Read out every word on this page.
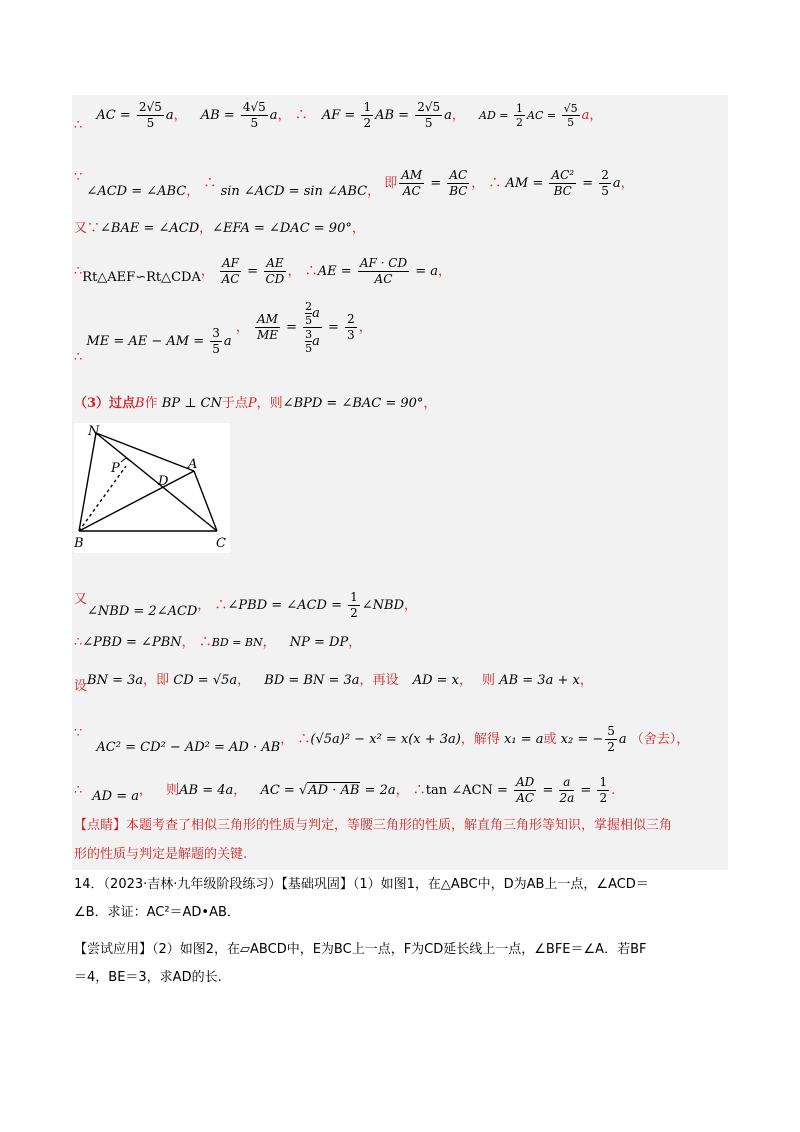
∴ AC = $\frac{2√5}{5}$ a， AB = $\frac{4√5}{5}$ a， ∴ AF = $\frac{1}{2}$ AB = $\frac{2√5}{5}$ a， AD = $\frac{1}{2}$ AC = $\frac{√5}{5}$ a，
∵ ∠ACD = ∠ABC， ∴ sin ∠ACD = sin ∠ABC， 即 $\frac{AM}{AC} = \frac{AC}{BC}$ ， ∴ AM = $\frac{\text{AC²}}{BC} = \frac{2}{5}$ a，
又∵∠BAE = ∠ACD，∠EFA = ∠DAC = 90°，
∴Rt△AEF∽Rt△CDA， $\frac{AF}{AC} = \frac{AE}{CD}$ ， ∴AE = $\frac{AF \cdot CD}{AC} = a$，
∴ ME = AE − AM = $\frac{3}{5}$ a ， $\frac{AM}{ME} = \frac{\frac{2}{5} a}{\frac{3}{5} a} = \frac{2}{3}$ ，
（3）过点B作 BP ⊥ CN于点P，则∠BPD = ∠BAC = 90°，
N
P	A
D
B	C
又∠NBD = 2∠ACD， ∴∠PBD = ∠ACD = $\frac{1}{2}$ ∠NBD，
∴∠PBD = ∠PBN， ∴BD = BN， NP = DP，
设BN = 3a，即 CD = √5a， BD = BN = 3a，再设 AD = x， 则 AB = 3a + x，
∵ AC² = CD² − AD² = AD · AB， ∴(√5a)² − x² = x(x + 3a)，解得 x₁ = a或 x₂ = − $\frac{5}{2}$ a （舍去），
∴ AD = a， 则AB = 4a， AC = √AD · AB = 2a， ∴tan ∠ACN = $\frac{AD}{AC} = \frac{a}{2a} = \frac{1}{2}$ .
【点睛】本题考查了相似三角形的性质与判定，等腰三角形的性质，解直角三角形等知识，掌握相似三角
形的性质与判定是解题的关键.
14．（2023·吉林·九年级阶段练习）【基础巩固】（1）如图1，在△ABC中，D为AB上一点，∠ACD＝
∠B．求证：AC²＝AD•AB．
【尝试应用】（2）如图2，在▱ABCD中，E为BC上一点，F为CD延长线上一点，∠BFE＝∠A．若BF
＝4，BE＝3，求AD的长.
